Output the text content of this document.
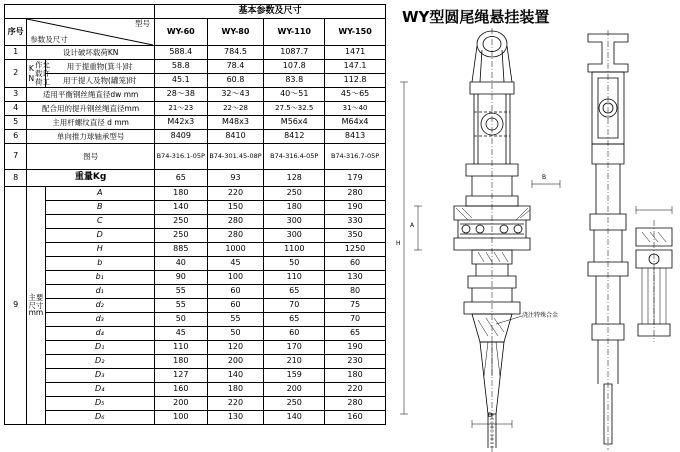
			基本参数及尺寸			
序号	参数及尺寸
型号		WY-60	WY-80	WY-110	WY-150

1	设计破坏载荷KN		588.4	784.5	1087.7	1471
2	允许工作载荷KN	用于提重物(箕斗)时	58.8	78.4	107.8	147.1
		用于提人及物(罐笼)时	45.1	60.8	83.8	112.8
3	适用平衡钢丝绳直径dw mm		28～38	32～43	40～51	45～65
4	配合用的提升钢丝绳直径mm		21～23	22～28	27.5～32.5	31～40
5	主用杆螺纹直径 d mm		M42x3	M48x3	M56x4	M64x4
6	单向推力球轴承型号		8409	8410	8412	8413
7	图号		B74-316.1-05P	B74-301.45-08P	B74-316.4-05P	B74-316.7-05P
8	重量Kg		65	93	128	179
9	主要尺寸mm	A	180	220	250	280
		B	140	150	180	190
		C	250	280	300	330
		D	250	280	300	350
		H	885	1000	1100	1250
		b	40	45	50	60
		b₁	90	100	110	130
		d₁	55	60	65	80
		d₂	55	60	70	75
		d₃	50	55	65	70
		d₄	45	50	60	65
		D₁	110	120	170	190
		D₂	180	200	210	230
		D₃	127	140	159	180
		D₄	160	180	200	220
		D₅	200	220	250	280
		D₆	100	130	140	160
WY型圆尾绳悬挂装置
浇注特殊合金
A
H
B
D
